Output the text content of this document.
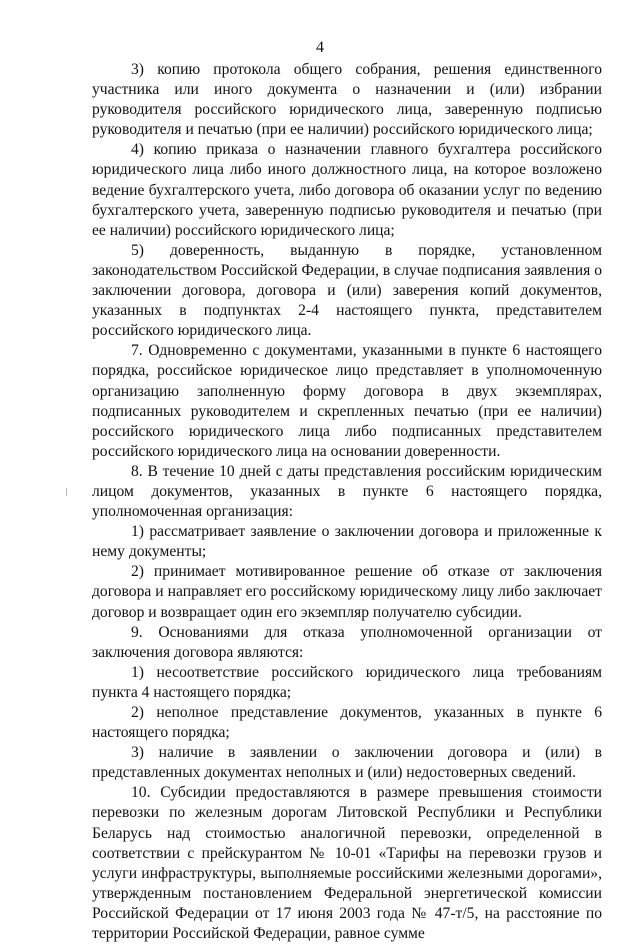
4

3) копию протокола общего собрания, решения единственного участника или иного документа о назначении и (или) избрании руководителя российского юридического лица, заверенную подписью руководителя и печатью (при ее наличии) российского юридического лица;

4) копию приказа о назначении главного бухгалтера российского юридического лица либо иного должностного лица, на которое возложено ведение бухгалтерского учета, либо договора об оказании услуг по ведению бухгалтерского учета, заверенную подписью руководителя и печатью (при ее наличии) российского юридического лица;

5) доверенность, выданную в порядке, установленном законодательством Российской Федерации, в случае подписания заявления о заключении договора, договора и (или) заверения копий документов, указанных в подпунктах 2-4 настоящего пункта, представителем российского юридического лица.

7. Одновременно с документами, указанными в пункте 6 настоящего порядка, российское юридическое лицо представляет в уполномоченную организацию заполненную форму договора в двух экземплярах, подписанных руководителем и скрепленных печатью (при ее наличии) российского юридического лица либо подписанных представителем российского юридического лица на основании доверенности.

8. В течение 10 дней с даты представления российским юридическим лицом документов, указанных в пункте 6 настоящего порядка, уполномоченная организация:

1) рассматривает заявление о заключении договора и приложенные к нему документы;

2) принимает мотивированное решение об отказе от заключения договора и направляет его российскому юридическому лицу либо заключает договор и возвращает один его экземпляр получателю субсидии.

9. Основаниями для отказа уполномоченной организации от заключения договора являются:

1) несоответствие российского юридического лица требованиям пункта 4 настоящего порядка;

2) неполное представление документов, указанных в пункте 6 настоящего порядка;

3) наличие в заявлении о заключении договора и (или) в представленных документах неполных и (или) недостоверных сведений.

10. Субсидии предоставляются в размере превышения стоимости перевозки по железным дорогам Литовской Республики и Республики Беларусь над стоимостью аналогичной перевозки, определенной в соответствии с прейскурантом № 10-01 «Тарифы на перевозки грузов и услуги инфраструктуры, выполняемые российскими железными дорогами», утвержденным постановлением Федеральной энергетической комиссии Российской Федерации от 17 июня 2003 года № 47-т/5, на расстояние по территории Российской Федерации, равное сумме
